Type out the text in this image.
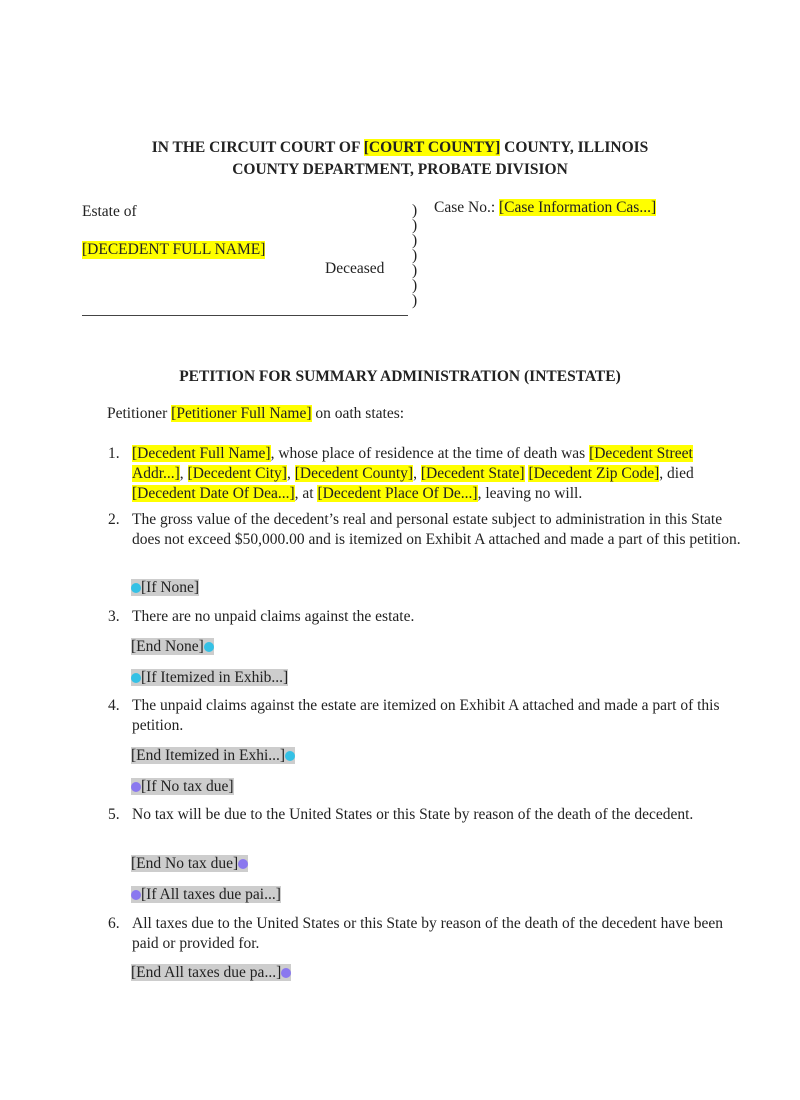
IN THE CIRCUIT COURT OF [COURT COUNTY] COUNTY, ILLINOIS
COUNTY DEPARTMENT, PROBATE DIVISION
Estate of
[DECEDENT FULL NAME]
Deceased
)
)
)
)
)
)
)
Case No.: [Case Information Cas...]
PETITION FOR SUMMARY ADMINISTRATION (INTESTATE)
Petitioner [Petitioner Full Name] on oath states:
1. [Decedent Full Name], whose place of residence at the time of death was [Decedent Street Addr...], [Decedent City], [Decedent County], [Decedent State] [Decedent Zip Code], died [Decedent Date Of Dea...], at [Decedent Place Of De...], leaving no will.
2. The gross value of the decedent’s real and personal estate subject to administration in this State does not exceed $50,000.00 and is itemized on Exhibit A attached and made a part of this petition.
[If None]
3. There are no unpaid claims against the estate.
[End None]
[If Itemized in Exhib...]
4. The unpaid claims against the estate are itemized on Exhibit A attached and made a part of this petition.
[End Itemized in Exhi...]
[If No tax due]
5. No tax will be due to the United States or this State by reason of the death of the decedent.
[End No tax due]
[If All taxes due pai...]
6. All taxes due to the United States or this State by reason of the death of the decedent have been paid or provided for.
[End All taxes due pa...]
